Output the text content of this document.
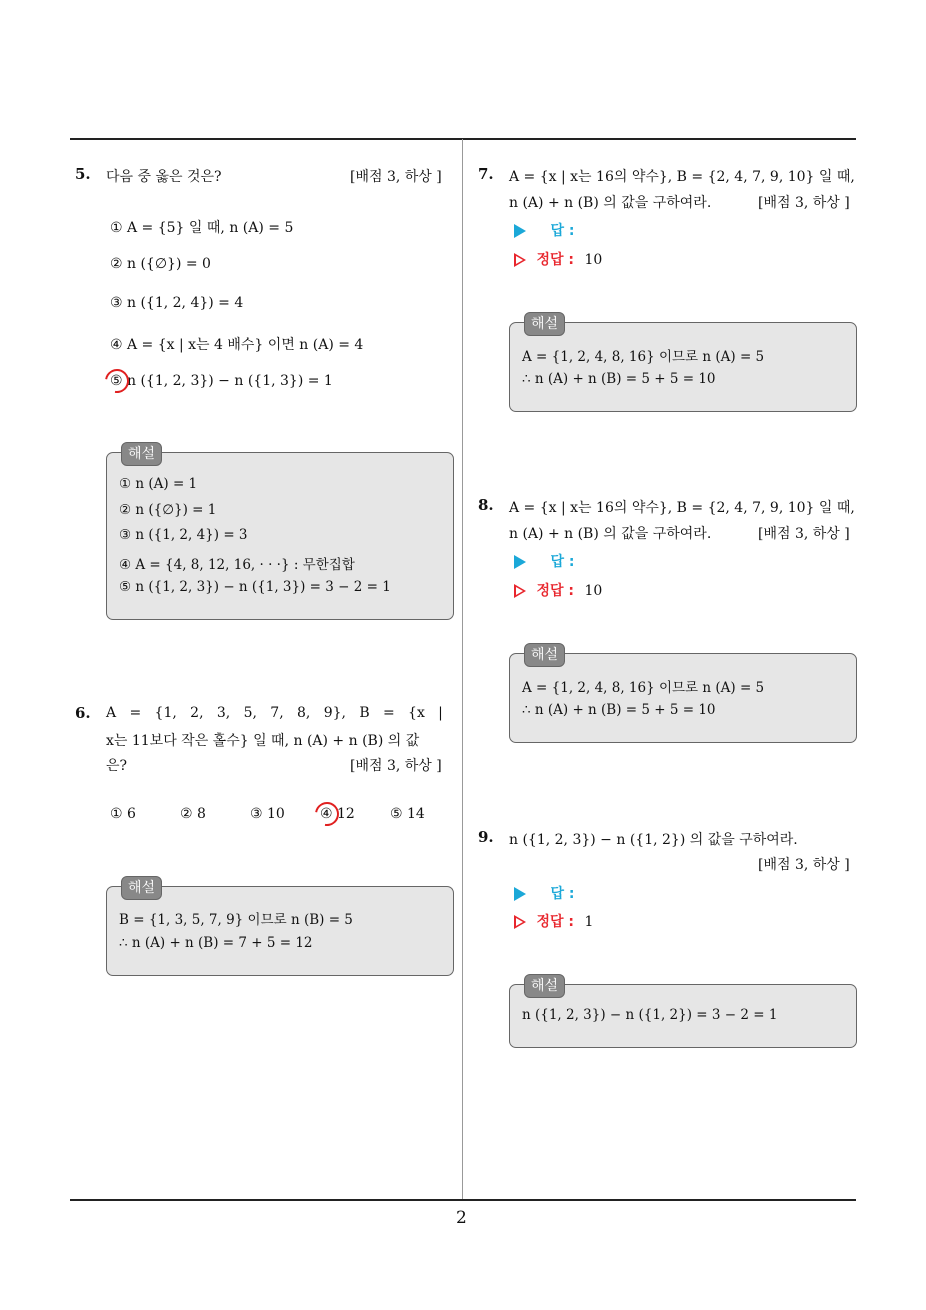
2
5. 다음 중 옳은 것은?	[배점 3, 하상 ]
① A = {5} 일 때, n (A) = 5
② n ({∅}) = 0
③ n ({1, 2, 4}) = 4
④ A = {x | x는 4 배수} 이면 n (A) = 4
⑤ n ({1, 2, 3}) − n ({1, 3}) = 1
해설
① n (A) = 1
② n ({∅}) = 1
③ n ({1, 2, 4}) = 3
④ A = {4, 8, 12, 16, · · ·} : 무한집합
⑤ n ({1, 2, 3}) − n ({1, 3}) = 3 − 2 = 1
6. A   =   {1,   2,   3,   5,   7,   8,   9},   B   =   {x   |
x는 11보다 작은 홀수} 일 때, n (A) + n (B) 의 값
은?	[배점 3, 하상 ]
① 6	② 8	③ 10	④ 12	⑤ 14
해설
B = {1, 3, 5, 7, 9} 이므로 n (B) = 5
∴ n (A) + n (B) = 7 + 5 = 12
7. A = {x | x는 16의 약수}, B = {2, 4, 7, 9, 10} 일 때,
n (A) + n (B) 의 값을 구하여라.	[배점 3, 하상 ]
답 :
정답 : 10
해설
A = {1, 2, 4, 8, 16} 이므로 n (A) = 5
∴ n (A) + n (B) = 5 + 5 = 10
8. A = {x | x는 16의 약수}, B = {2, 4, 7, 9, 10} 일 때,
n (A) + n (B) 의 값을 구하여라.	[배점 3, 하상 ]
답 :
정답 : 10
해설
A = {1, 2, 4, 8, 16} 이므로 n (A) = 5
∴ n (A) + n (B) = 5 + 5 = 10
9. n ({1, 2, 3}) − n ({1, 2}) 의 값을 구하여라.
[배점 3, 하상 ]
답 :
정답 : 1
해설
n ({1, 2, 3}) − n ({1, 2}) = 3 − 2 = 1
